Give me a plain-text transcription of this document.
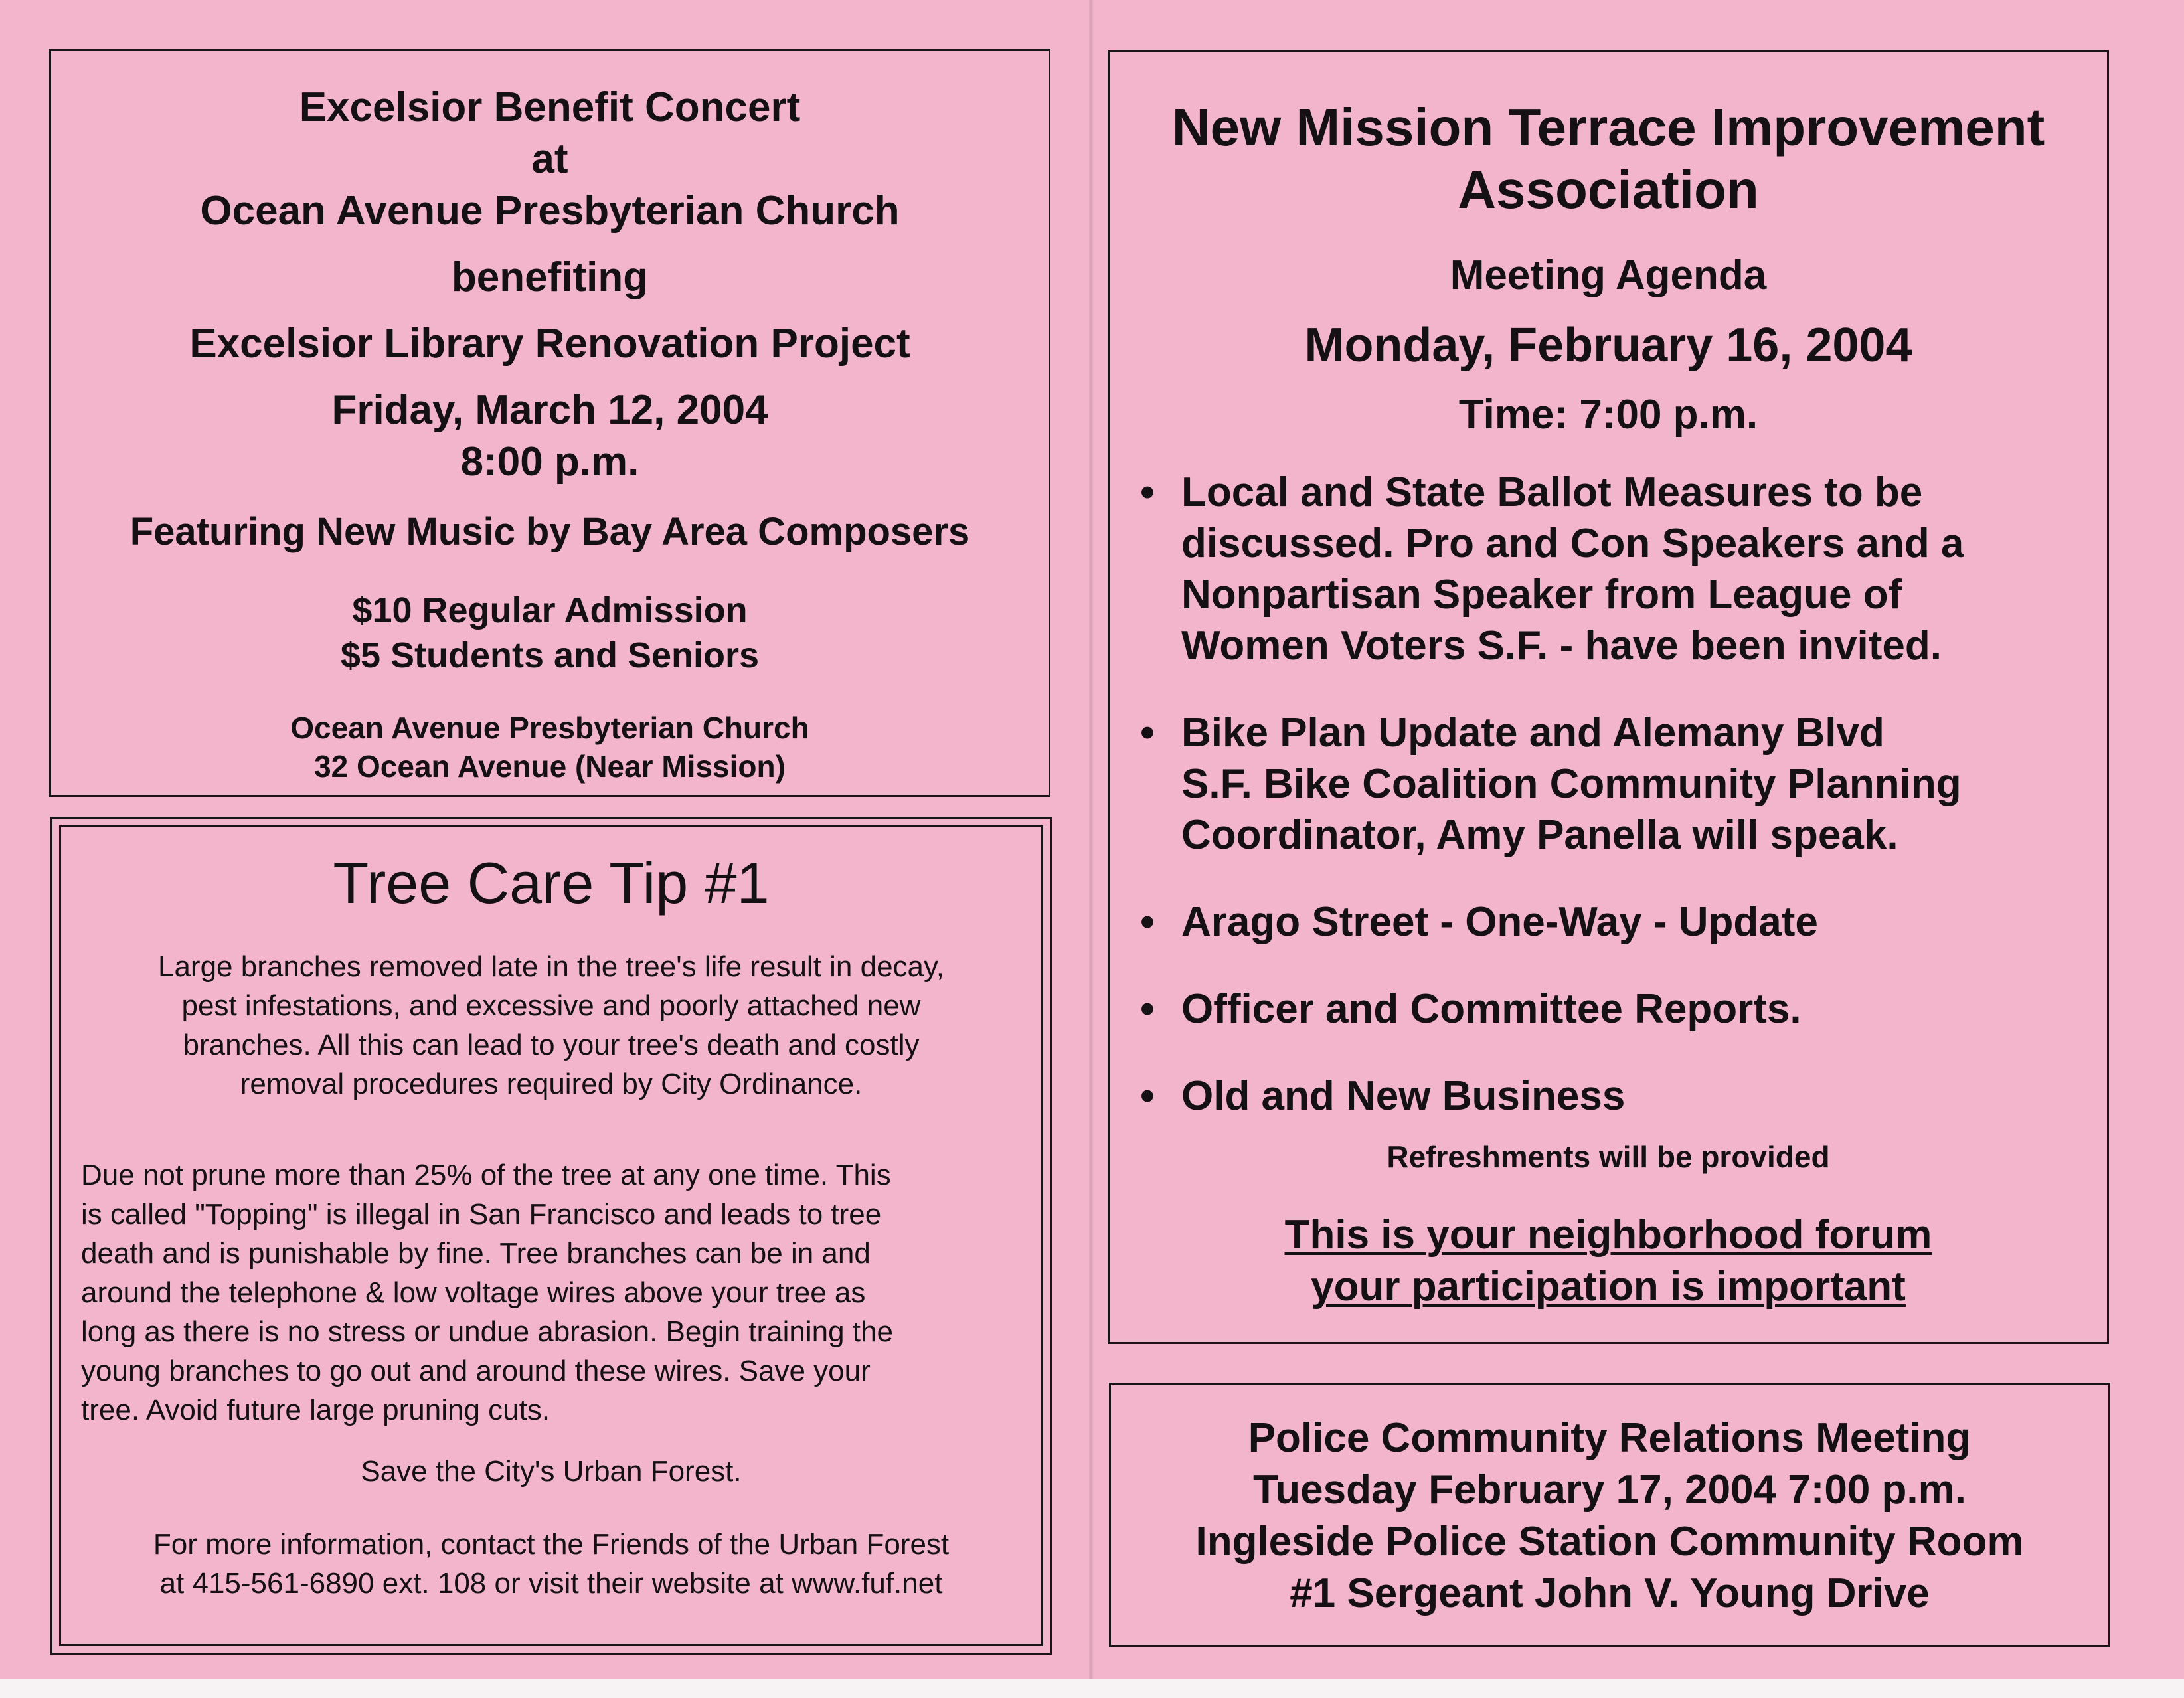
Excelsior Benefit Concert
at
Ocean Avenue Presbyterian Church
benefiting
Excelsior Library Renovation Project
Friday, March 12, 2004
8:00 p.m.
Featuring New Music by Bay Area Composers
$10 Regular Admission
$5 Students and Seniors
Ocean Avenue Presbyterian Church
32 Ocean Avenue (Near Mission)
Tree Care Tip #1

Large branches removed late in the tree's life result in decay,
pest infestations, and excessive and poorly attached new
branches. All this can lead to your tree's death and costly
removal procedures required by City Ordinance.

Due not prune more than 25% of the tree at any one time. This
is called "Topping" is illegal in San Francisco and leads to tree
death and is punishable by fine. Tree branches can be in and
around the telephone & low voltage wires above your tree as
long as there is no stress or undue abrasion. Begin training the
young branches to go out and around these wires. Save your
tree. Avoid future large pruning cuts.

Save the City's Urban Forest.

For more information, contact the Friends of the Urban Forest
at 415-561-6890 ext. 108 or visit their website at www.fuf.net

New Mission Terrace Improvement
Association
Meeting Agenda
Monday, February 16, 2004
Time: 7:00 p.m.
• Local and State Ballot Measures to be
discussed. Pro and Con Speakers and a
Nonpartisan Speaker from League of
Women Voters S.F. - have been invited.
• Bike Plan Update and Alemany Blvd
S.F. Bike Coalition Community Planning
Coordinator, Amy Panella will speak.
• Arago Street - One-Way - Update
• Officer and Committee Reports.
• Old and New Business
Refreshments will be provided
This is your neighborhood forum
your participation is important
Police Community Relations Meeting
Tuesday February 17, 2004 7:00 p.m.
Ingleside Police Station Community Room
#1 Sergeant John V. Young Drive
